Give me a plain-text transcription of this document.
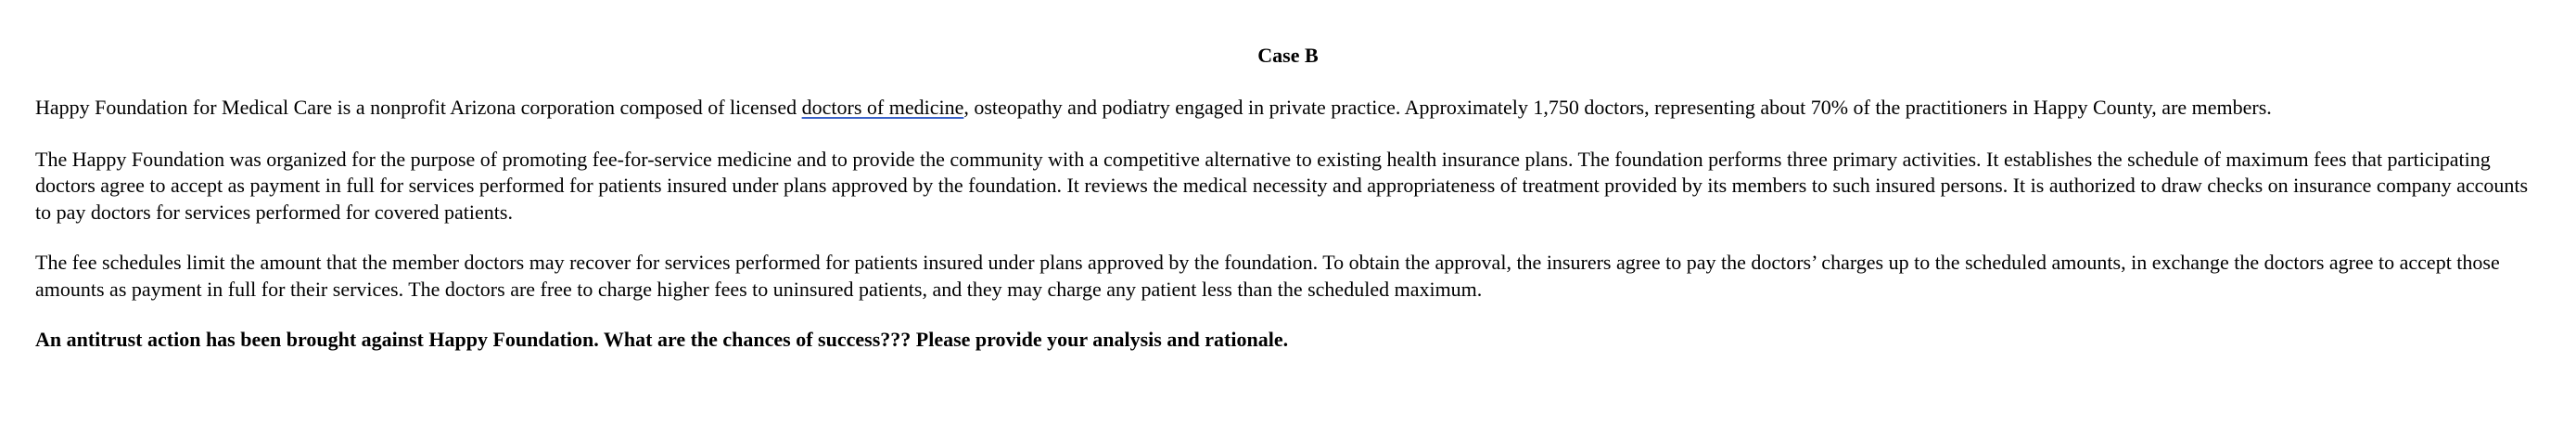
Case B

Happy Foundation for Medical Care is a nonprofit Arizona corporation composed of licensed doctors of medicine, osteopathy and podiatry engaged in private practice. Approximately 1,750 doctors, representing about 70% of the practitioners in Happy County, are members.

The Happy Foundation was organized for the purpose of promoting fee-for-service medicine and to provide the community with a competitive alternative to existing health insurance plans. The foundation performs three primary activities. It establishes the schedule of maximum fees that participating doctors agree to accept as payment in full for services performed for patients insured under plans approved by the foundation. It reviews the medical necessity and appropriateness of treatment provided by its members to such insured persons. It is authorized to draw checks on insurance company accounts to pay doctors for services performed for covered patients.

The fee schedules limit the amount that the member doctors may recover for services performed for patients insured under plans approved by the foundation. To obtain the approval, the insurers agree to pay the doctors’ charges up to the scheduled amounts, in exchange the doctors agree to accept those amounts as payment in full for their services. The doctors are free to charge higher fees to uninsured patients, and they may charge any patient less than the scheduled maximum.

An antitrust action has been brought against Happy Foundation. What are the chances of success??? Please provide your analysis and rationale.
